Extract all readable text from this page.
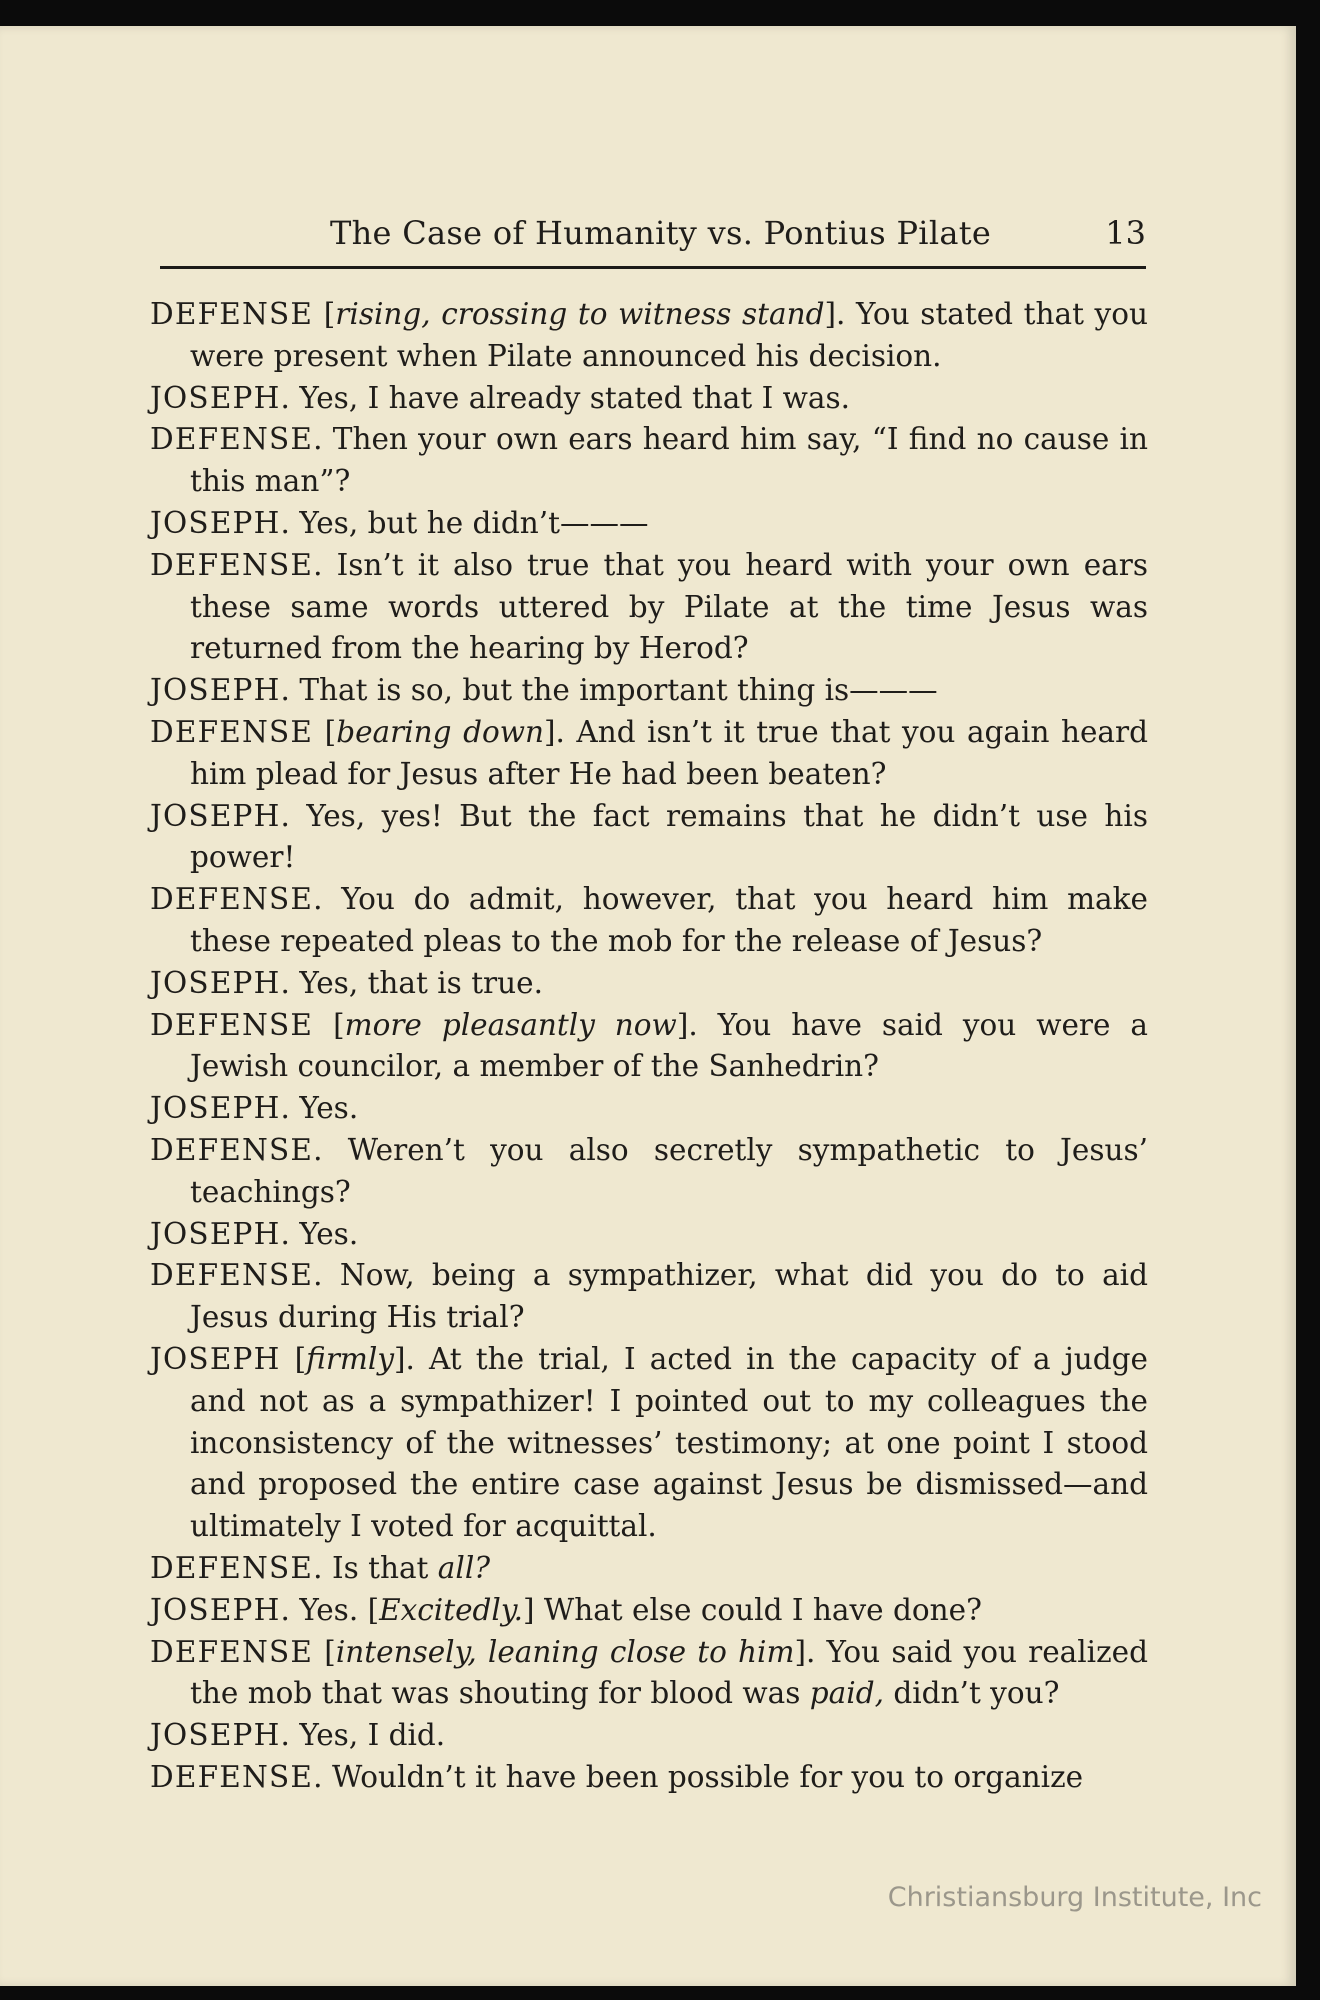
The Case of Humanity vs. Pontius Pilate	13

DEFENSE [rising, crossing to witness stand]. You stated that you were present when Pilate announced his decision.

JOSEPH. Yes, I have already stated that I was.

DEFENSE. Then your own ears heard him say, “I find no cause in this man”?

JOSEPH. Yes, but he didn’t———

DEFENSE. Isn’t it also true that you heard with your own ears these same words uttered by Pilate at the time Jesus was returned from the hearing by Herod?

JOSEPH. That is so, but the important thing is———

DEFENSE [bearing down]. And isn’t it true that you again heard him plead for Jesus after He had been beaten?

JOSEPH. Yes, yes! But the fact remains that he didn’t use his power!

DEFENSE. You do admit, however, that you heard him make these repeated pleas to the mob for the release of Jesus?

JOSEPH. Yes, that is true.

DEFENSE [more pleasantly now]. You have said you were a Jewish councilor, a member of the Sanhedrin?

JOSEPH. Yes.

DEFENSE. Weren’t you also secretly sympathetic to Jesus’ teachings?

JOSEPH. Yes.

DEFENSE. Now, being a sympathizer, what did you do to aid Jesus during His trial?

JOSEPH [firmly]. At the trial, I acted in the capacity of a judge and not as a sympathizer! I pointed out to my colleagues the inconsistency of the witnesses’ testimony; at one point I stood and proposed the entire case against Jesus be dismissed—and ultimately I voted for acquittal.

DEFENSE. Is that all?

JOSEPH. Yes. [Excitedly.] What else could I have done?

DEFENSE [intensely, leaning close to him]. You said you realized the mob that was shouting for blood was paid, didn’t you?

JOSEPH. Yes, I did.

DEFENSE. Wouldn’t it have been possible for you to organize

Christiansburg Institute, Inc
